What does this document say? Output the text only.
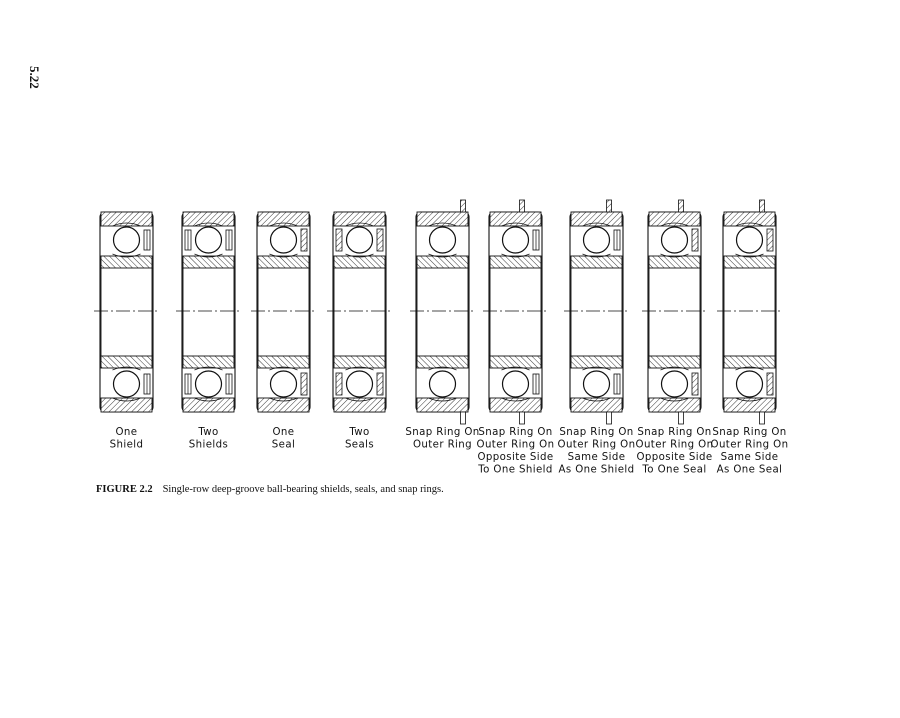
5.22
One
Shield
Two
Shields
One
Seal
Two
Seals
Snap Ring On
Outer Ring
Snap Ring On
Outer Ring On
Opposite Side
To One Shield
Snap Ring On
Outer Ring On
Same Side
As One Shield
Snap Ring On
Outer Ring On
Opposite Side
To One Seal
Snap Ring On
Outer Ring On
Same Side
As One Seal
FIGURE 2.2 Single-row deep-groove ball-bearing shields, seals, and snap rings.
